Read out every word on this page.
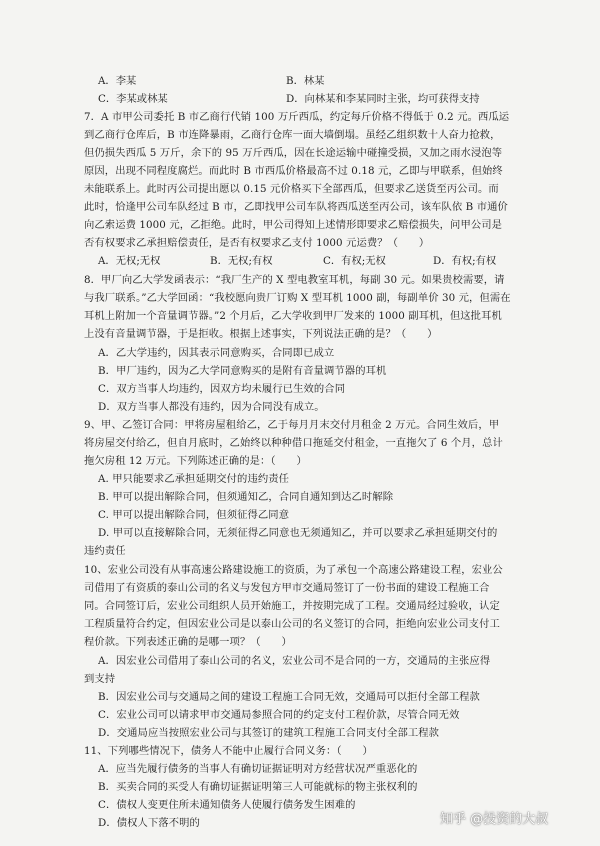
A．李某	B．林某
C．李某或林某	D．向林某和李某同时主张，均可获得支持
7．A 市甲公司委托 B 市乙商行代销 100 万斤西瓜，约定每斤价格不得低于 0.2 元。西瓜运
到乙商行仓库后，B 市连降暴雨，乙商行仓库一面大墙倒塌。虽经乙组织数十人奋力抢救，
但仍损失西瓜 5 万斤，余下的 95 万斤西瓜，因在长途运输中碰撞受损，又加之雨水浸泡等
原因，出现不同程度腐烂。而此时 B 市西瓜价格最高不过 0.18 元，乙即与甲联系，但始终
未能联系上。此时丙公司提出愿以 0.15 元价格买下全部西瓜，但要求乙送货至丙公司。而
此时，恰逢甲公司车队经过 B 市，乙即找甲公司车队将西瓜送至丙公司，该车队依 B 市通价
向乙索运费 1000 元，乙拒绝。此时，甲公司得知上述情形即要求乙赔偿损失，问甲公司是
否有权要求乙承担赔偿责任，是否有权要求乙支付 1000 元运费？（　　）
A．无权;无权	B．无权;有权	C．有权;无权	D．有权;有权
8．甲厂向乙大学发函表示：“我厂生产的 X 型电教室耳机，每副 30 元。如果贵校需要，请
与我厂联系。”乙大学回函：“我校愿向贵厂订购 X 型耳机 1000 副，每副单价 30 元，但需在
耳机上附加一个音量调节器。”2 个月后，乙大学收到甲厂发来的 1000 副耳机，但这批耳机
上没有音量调节器，于是拒收。根据上述事实，下列说法正确的是？（　　）
A．乙大学违约，因其表示同意购买，合同即已成立
B．甲厂违约，因为乙大学同意购买的是附有音量调节器的耳机
C．双方当事人均违约，因双方均未履行已生效的合同
D．双方当事人都没有违约，因为合同没有成立。
9、甲、乙签订合同：甲将房屋租给乙，乙于每月月末交付月租金 2 万元。合同生效后，甲
将房屋交付给乙，但自月底时，乙始终以种种借口拖延交付租金，一直拖欠了 6 个月，总计
拖欠房租 12 万元。下列陈述正确的是：（　　）
A. 甲只能要求乙承担延期交付的违约责任
B. 甲可以提出解除合同，但须通知乙，合同自通知到达乙时解除
C. 甲可以提出解除合同，但须征得乙同意
D. 甲可以直接解除合同，无须征得乙同意也无须通知乙，并可以要求乙承担延期交付的
违约责任
10、宏业公司没有从事高速公路建设施工的资质，为了承包一个高速公路建设工程，宏业公
司借用了有资质的泰山公司的名义与发包方甲市交通局签订了一份书面的建设工程施工合
同。合同签订后，宏业公司组织人员开始施工，并按期完成了工程。交通局经过验收，认定
工程质量符合约定，但因宏业公司是以泰山公司的名义签订的合同，拒绝向宏业公司支付工
程价款。下列表述正确的是哪一项？（　　）
A．因宏业公司借用了泰山公司的名义，宏业公司不是合同的一方，交通局的主张应得
到支持
B．因宏业公司与交通局之间的建设工程施工合同无效，交通局可以拒付全部工程款
C．宏业公司可以请求甲市交通局参照合同的约定支付工程价款，尽管合同无效
D．交通局应当按照宏业公司与其签订的建筑工程施工合同支付全部工程款
11、下列哪些情况下，债务人不能中止履行合同义务：（　　）
A．应当先履行债务的当事人有确切证据证明对方经营状况严重恶化的
B．买卖合同的买受人有确切证据证明第三人可能就标的物主张权利的
C．债权人变更住所未通知债务人使履行债务发生困难的
D．债权人下落不明的	知乎 @投资的大叔
